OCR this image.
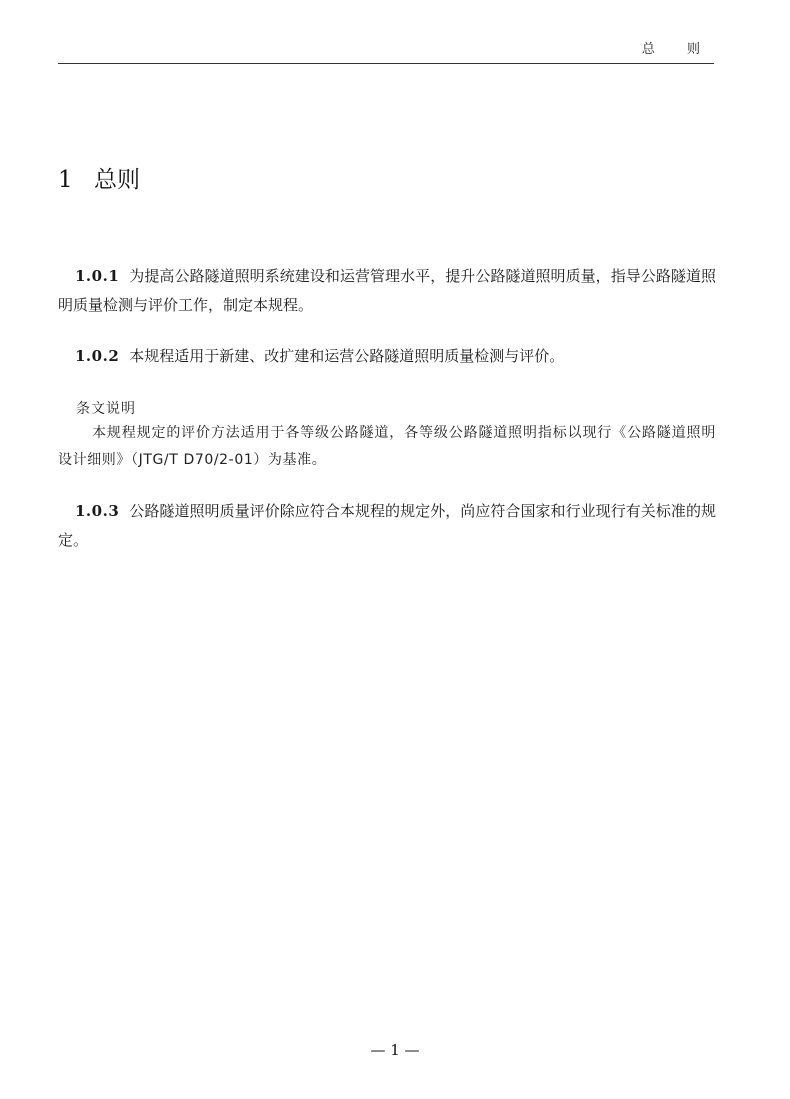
总 则
1 总则
1.0.1 为提高公路隧道照明系统建设和运营管理水平，提升公路隧道照明质量，指导公路隧道照明质量检测与评价工作，制定本规程。
1.0.2 本规程适用于新建、改扩建和运营公路隧道照明质量检测与评价。
条文说明
本规程规定的评价方法适用于各等级公路隧道，各等级公路隧道照明指标以现行《公路隧道照明设计细则》（JTG/T D70/2-01）为基准。
1.0.3 公路隧道照明质量评价除应符合本规程的规定外，尚应符合国家和行业现行有关标准的规定。
— 1 —
